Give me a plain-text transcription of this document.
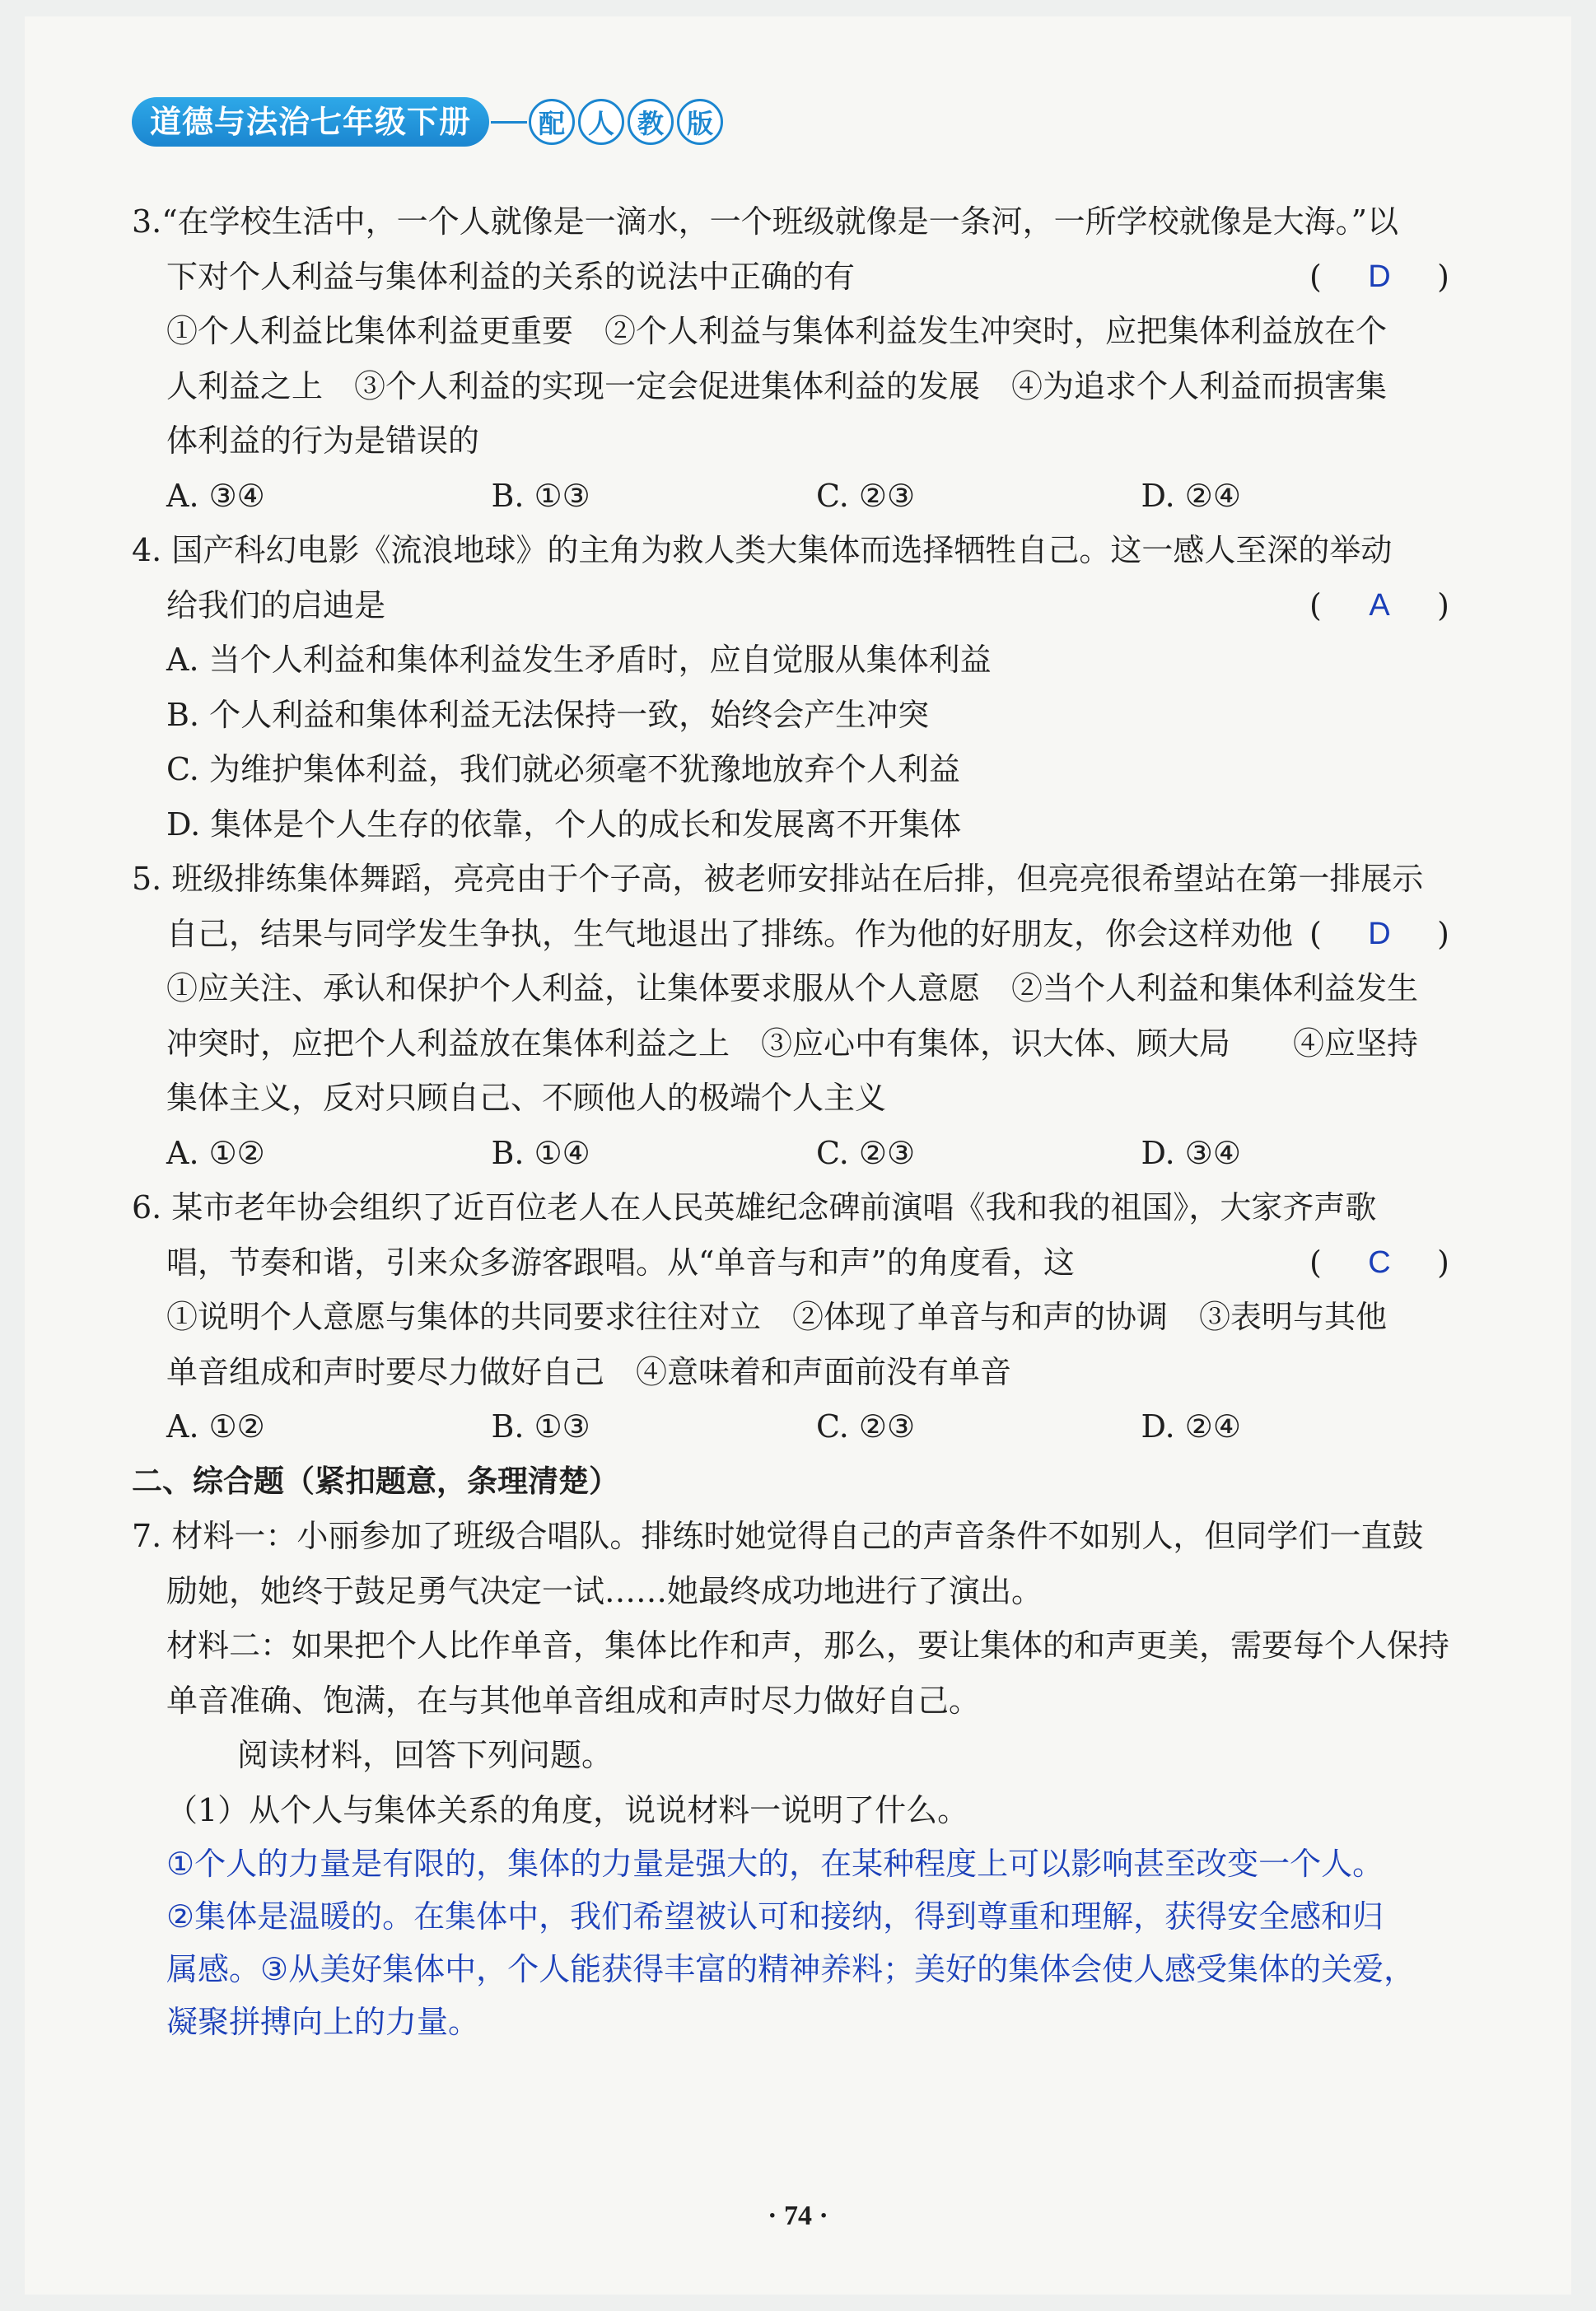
道德与法治七年级下册	配 人 教 版
3.“在学校生活中，一个人就像是一滴水，一个班级就像是一条河，一所学校就像是大海。”以
下对个人利益与集体利益的关系的说法中正确的有	( D )
①个人利益比集体利益更重要　②个人利益与集体利益发生冲突时，应把集体利益放在个
人利益之上　③个人利益的实现一定会促进集体利益的发展　④为追求个人利益而损害集
体利益的行为是错误的
A. ③④	B. ①③	C. ②③	D. ②④
4. 国产科幻电影《流浪地球》的主角为救人类大集体而选择牺牲自己。这一感人至深的举动
给我们的启迪是	( A )
A. 当个人利益和集体利益发生矛盾时，应自觉服从集体利益
B. 个人利益和集体利益无法保持一致，始终会产生冲突
C. 为维护集体利益，我们就必须毫不犹豫地放弃个人利益
D. 集体是个人生存的依靠，个人的成长和发展离不开集体
5. 班级排练集体舞蹈，亮亮由于个子高，被老师安排站在后排，但亮亮很希望站在第一排展示
自己，结果与同学发生争执，生气地退出了排练。作为他的好朋友，你会这样劝他 ( D )
①应关注、承认和保护个人利益，让集体要求服从个人意愿　②当个人利益和集体利益发生
冲突时，应把个人利益放在集体利益之上　③应心中有集体，识大体、顾大局　　④应坚持
集体主义，反对只顾自己、不顾他人的极端个人主义
A. ①②	B. ①④	C. ②③	D. ③④
6. 某市老年协会组织了近百位老人在人民英雄纪念碑前演唱《我和我的祖国》，大家齐声歌
唱，节奏和谐，引来众多游客跟唱。从“单音与和声”的角度看，这	( C )
①说明个人意愿与集体的共同要求往往对立　②体现了单音与和声的协调　③表明与其他
单音组成和声时要尽力做好自己　④意味着和声面前没有单音
A. ①②	B. ①③	C. ②③	D. ②④
二、综合题（紧扣题意，条理清楚）
7. 材料一：小丽参加了班级合唱队。排练时她觉得自己的声音条件不如别人，但同学们一直鼓
励她，她终于鼓足勇气决定一试……她最终成功地进行了演出。
材料二：如果把个人比作单音，集体比作和声，那么，要让集体的和声更美，需要每个人保持
单音准确、饱满，在与其他单音组成和声时尽力做好自己。
阅读材料，回答下列问题。
（1）从个人与集体关系的角度，说说材料一说明了什么。
①个人的力量是有限的，集体的力量是强大的，在某种程度上可以影响甚至改变一个人。
②集体是温暖的。在集体中，我们希望被认可和接纳，得到尊重和理解，获得安全感和归
属感。③从美好集体中，个人能获得丰富的精神养料；美好的集体会使人感受集体的关爱，
凝聚拼搏向上的力量。
· 74 ·
